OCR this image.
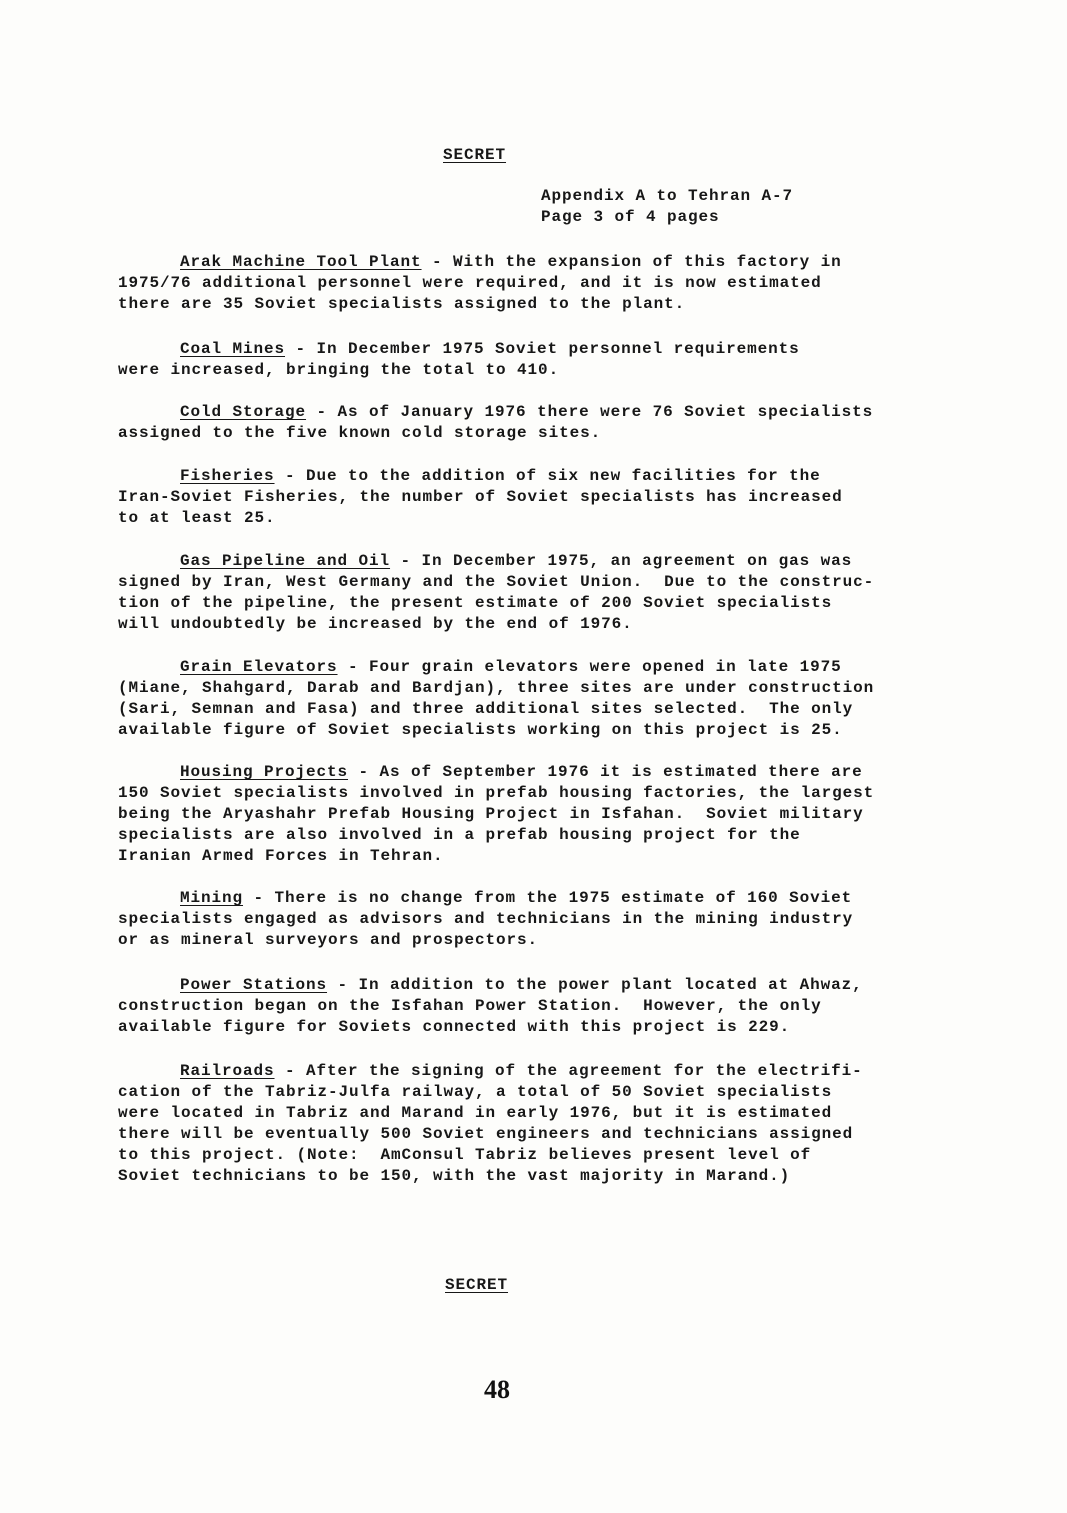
SECRET
Appendix A to Tehran A-7
Page 3 of 4 pages
Arak Machine Tool Plant - With the expansion of this factory in
1975/76 additional personnel were required, and it is now estimated
there are 35 Soviet specialists assigned to the plant.
Coal Mines - In December 1975 Soviet personnel requirements
were increased, bringing the total to 410.
Cold Storage - As of January 1976 there were 76 Soviet specialists
assigned to the five known cold storage sites.
Fisheries - Due to the addition of six new facilities for the
Iran-Soviet Fisheries, the number of Soviet specialists has increased
to at least 25.
Gas Pipeline and Oil - In December 1975, an agreement on gas was
signed by Iran, West Germany and the Soviet Union.  Due to the construc-
tion of the pipeline, the present estimate of 200 Soviet specialists
will undoubtedly be increased by the end of 1976.
Grain Elevators - Four grain elevators were opened in late 1975
(Miane, Shahgard, Darab and Bardjan), three sites are under construction
(Sari, Semnan and Fasa) and three additional sites selected.  The only
available figure of Soviet specialists working on this project is 25.
Housing Projects - As of September 1976 it is estimated there are
150 Soviet specialists involved in prefab housing factories, the largest
being the Aryashahr Prefab Housing Project in Isfahan.  Soviet military
specialists are also involved in a prefab housing project for the
Iranian Armed Forces in Tehran.
Mining - There is no change from the 1975 estimate of 160 Soviet
specialists engaged as advisors and technicians in the mining industry
or as mineral surveyors and prospectors.
Power Stations - In addition to the power plant located at Ahwaz,
construction began on the Isfahan Power Station.  However, the only
available figure for Soviets connected with this project is 229.
Railroads - After the signing of the agreement for the electrifi-
cation of the Tabriz-Julfa railway, a total of 50 Soviet specialists
were located in Tabriz and Marand in early 1976, but it is estimated
there will be eventually 500 Soviet engineers and technicians assigned
to this project. (Note:  AmConsul Tabriz believes present level of
Soviet technicians to be 150, with the vast majority in Marand.)
SECRET
48
